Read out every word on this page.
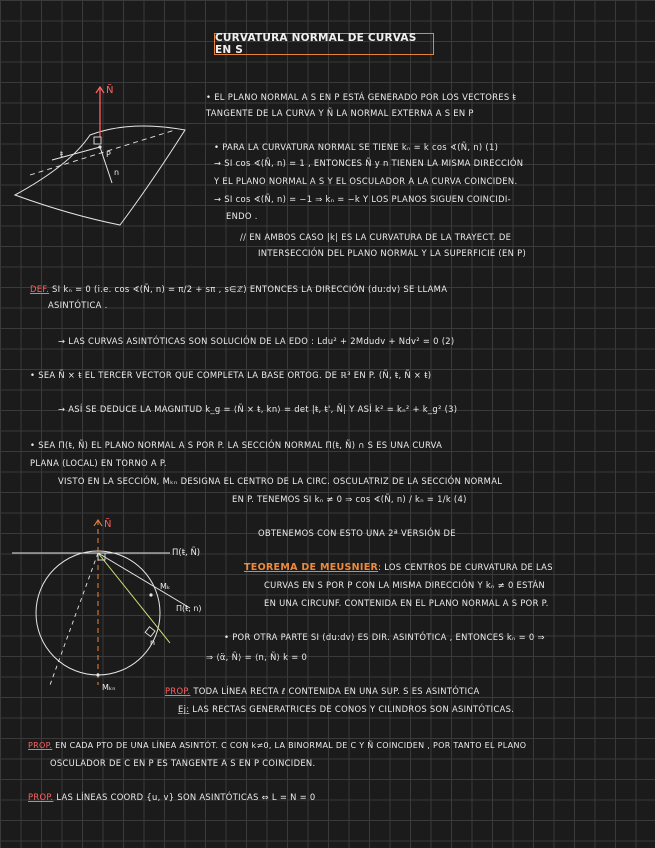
CURVATURA NORMAL DE CURVAS EN S
Ñ
P
ŧ
n
• EL PLANO NORMAL A S EN P ESTÁ GENERADO POR LOS VECTORES ŧ
TANGENTE DE LA CURVA Y Ñ LA NORMAL EXTERNA A S EN P
• PARA LA CURVATURA NORMAL SE TIENE kₙ = k cos ∢(Ñ, n) (1)
→ SI cos ∢(Ñ, n) = 1 , ENTONCES Ñ y n TIENEN LA MISMA DIRECCIÓN
Y EL PLANO NORMAL A S Y EL OSCULADOR A LA CURVA COINCIDEN.
→ SI cos ∢(Ñ, n) = −1 ⇒ kₙ = −k Y LOS PLANOS SIGUEN COINCIDI-
ENDO .
// EN AMBOS CASO |k| ES LA CURVATURA DE LA TRAYECT. DE
INTERSECCIÓN DEL PLANO NORMAL Y LA SUPERFICIE (EN P)
DEF. SI kₙ = 0 (i.e. cos ∢(Ñ, n) = π/2 + sπ , s∈ℤ) ENTONCES LA DIRECCIÓN (du:dv) SE LLAMA
ASINTÓTICA .
→ LAS CURVAS ASINTÓTICAS SON SOLUCIÓN DE LA EDO : Ldu² + 2Mdudv + Ndv² = 0 (2)
• SEA Ñ × ŧ EL TERCER VECTOR QUE COMPLETA LA BASE ORTOG. DE ℝ³ EN P. (Ñ, ŧ, Ñ × ŧ)
→ ASÍ SE DEDUCE LA MAGNITUD k_g = ⟨Ñ × ŧ, kn⟩ = det |ŧ, ŧ', Ñ| Y ASÍ k² = kₙ² + k_g² (3)
• SEA Π(ŧ, Ñ) EL PLANO NORMAL A S POR P. LA SECCIÓN NORMAL Π(ŧ, Ñ) ∩ S ES UNA CURVA
PLANA (LOCAL) EN TORNO A P.
VISTO EN LA SECCIÓN, Mₖₙ DESIGNA EL CENTRO DE LA CIRC. OSCULATRIZ DE LA SECCIÓN NORMAL
EN P. TENEMOS SI kₙ ≠ 0 ⇒ cos ∢(Ñ, n) / kₙ = 1/k (4)
OBTENEMOS CON ESTO UNA 2ª VERSIÓN DE
TEOREMA DE MEUSNIER: LOS CENTROS DE CURVATURA DE LAS
CURVAS EN S POR P CON LA MISMA DIRECCIÓN Y kₙ ≠ 0 ESTÁN
EN UNA CIRCUNF. CONTENIDA EN EL PLANO NORMAL A S POR P.
• POR OTRA PARTE SI (du:dv) ES DIR. ASINTÓTICA , ENTONCES kₙ = 0 ⇒
⇒ ⟨α̈, Ñ⟩ = ⟨n, Ñ⟩ k = 0
Ñ
Π(ŧ, Ñ)
Mₖ
Π(ŧ, n)
n
Mₖₙ	PROP. TODA LÍNEA RECTA ℓ CONTENIDA EN UNA SUP. S ES ASINTÓTICA
Ej: LAS RECTAS GENERATRICES DE CONOS Y CILINDROS SON ASINTÓTICAS.
PROP. EN CADA PTO DE UNA LÍNEA ASINTÓT. C CON k≠0, LA BINORMAL DE C Y Ñ COINCIDEN , POR TANTO EL PLANO
OSCULADOR DE C EN P ES TANGENTE A S EN P COINCIDEN.
PROP. LAS LÍNEAS COORD {u, v} SON ASINTÓTICAS ⇔ L = N = 0
